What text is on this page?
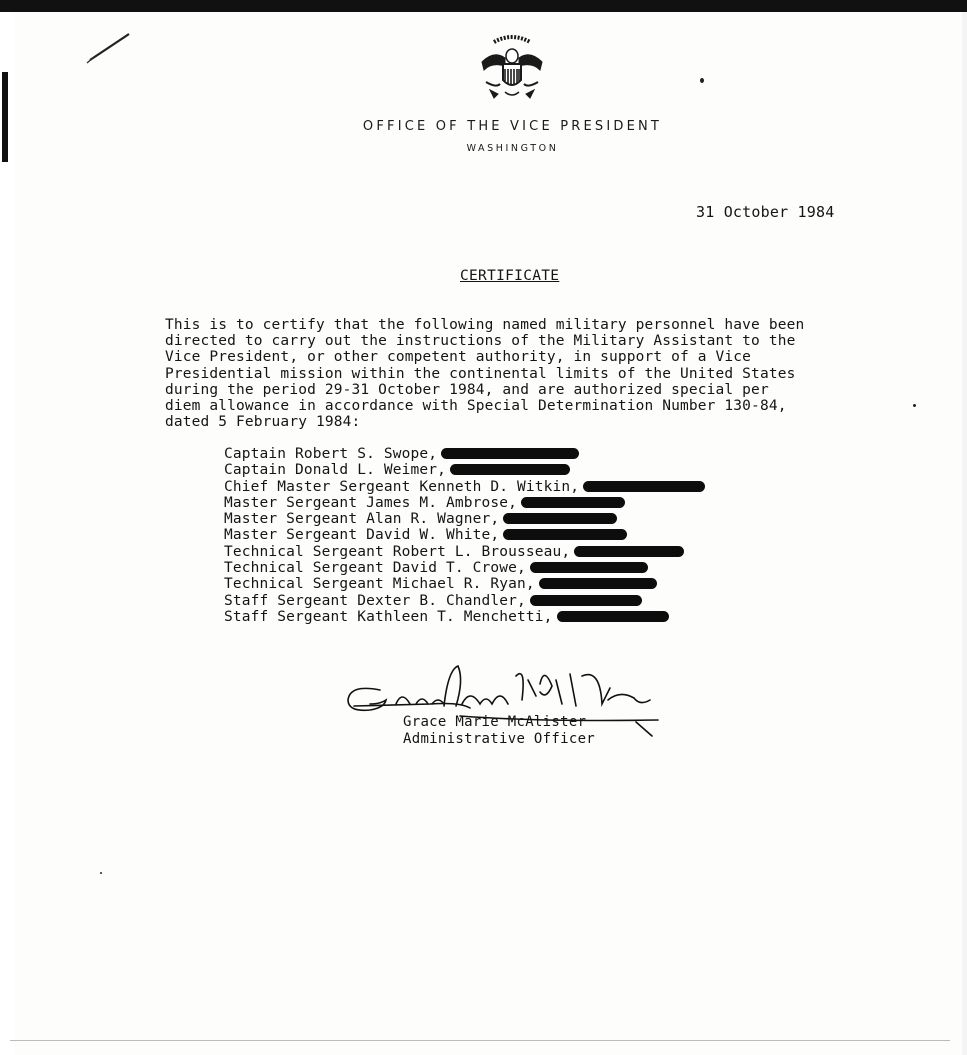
OFFICE OF THE VICE PRESIDENT
WASHINGTON
31 October 1984
CERTIFICATE
This is to certify that the following named military personnel have been
directed to carry out the instructions of the Military Assistant to the
Vice President, or other competent authority, in support of a Vice
Presidential mission within the continental limits of the United States
during the period 29-31 October 1984, and are authorized special per
diem allowance in accordance with Special Determination Number 130-84,
dated 5 February 1984:
Captain Robert S. Swope,
Captain Donald L. Weimer,
Chief Master Sergeant Kenneth D. Witkin,
Master Sergeant James M. Ambrose,
Master Sergeant Alan R. Wagner,
Master Sergeant David W. White,
Technical Sergeant Robert L. Brousseau,
Technical Sergeant David T. Crowe,
Technical Sergeant Michael R. Ryan,
Staff Sergeant Dexter B. Chandler,
Staff Sergeant Kathleen T. Menchetti,
Grace Marie McAlister
Administrative Officer
